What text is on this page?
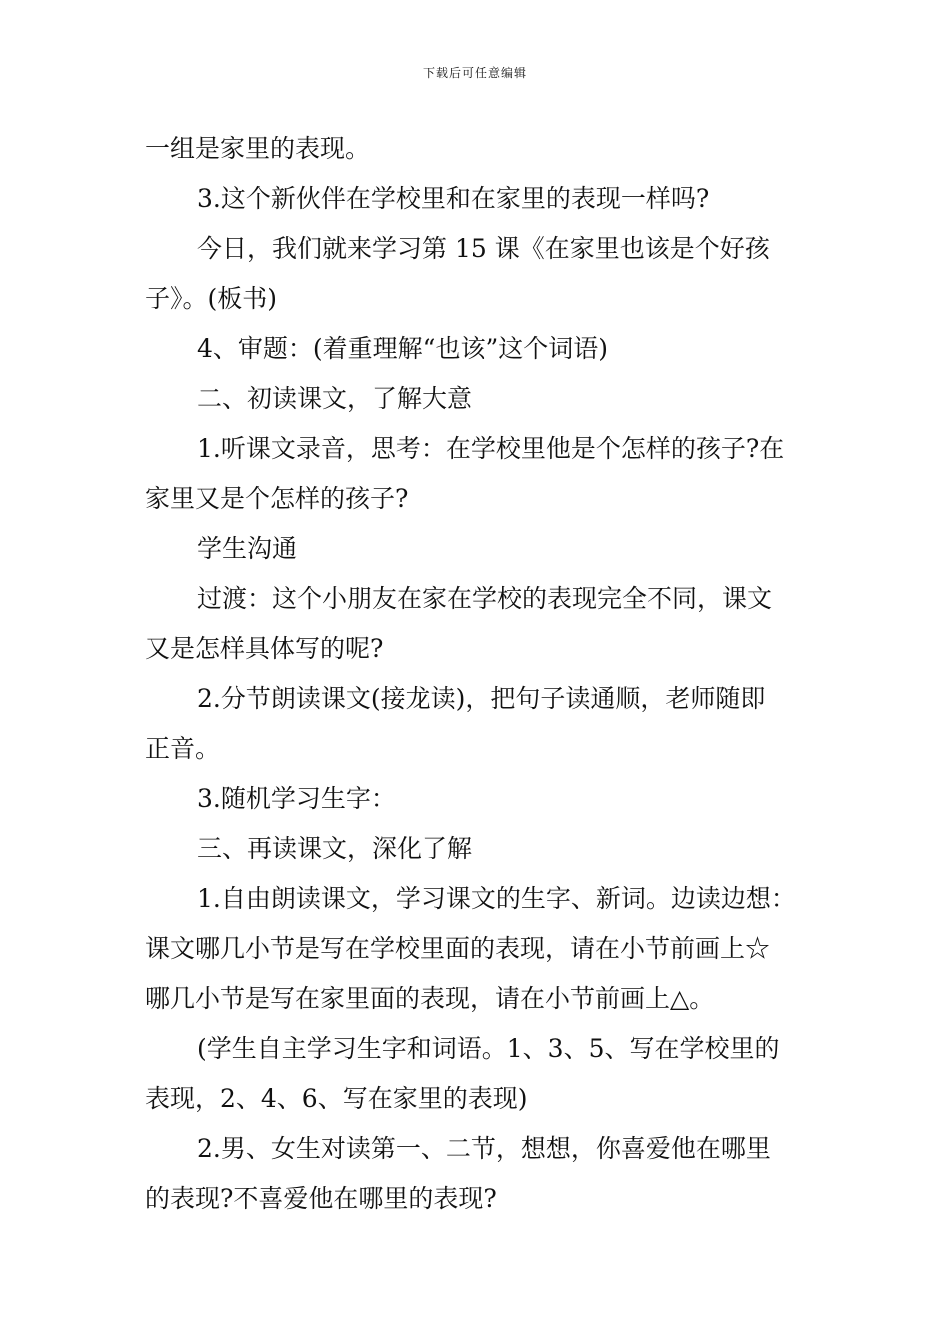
下载后可任意编辑

一组是家里的表现。

3.这个新伙伴在学校里和在家里的表现一样吗?

今日，我们就来学习第 15 课《在家里也该是个好孩

子》。(板书)

4、审题：(着重理解“也该”这个词语)

二、初读课文，了解大意

1.听课文录音，思考：在学校里他是个怎样的孩子?在

家里又是个怎样的孩子?

学生沟通

过渡：这个小朋友在家在学校的表现完全不同，课文

又是怎样具体写的呢?

2.分节朗读课文(接龙读)，把句子读通顺，老师随即

正音。

3.随机学习生字：

三、再读课文，深化了解

1.自由朗读课文，学习课文的生字、新词。边读边想：

课文哪几小节是写在学校里面的表现，请在小节前画上☆

哪几小节是写在家里面的表现，请在小节前画上△。

(学生自主学习生字和词语。1、3、5、写在学校里的

表现，2、4、6、写在家里的表现)

2.男、女生对读第一、二节，想想，你喜爱他在哪里

的表现?不喜爱他在哪里的表现?
